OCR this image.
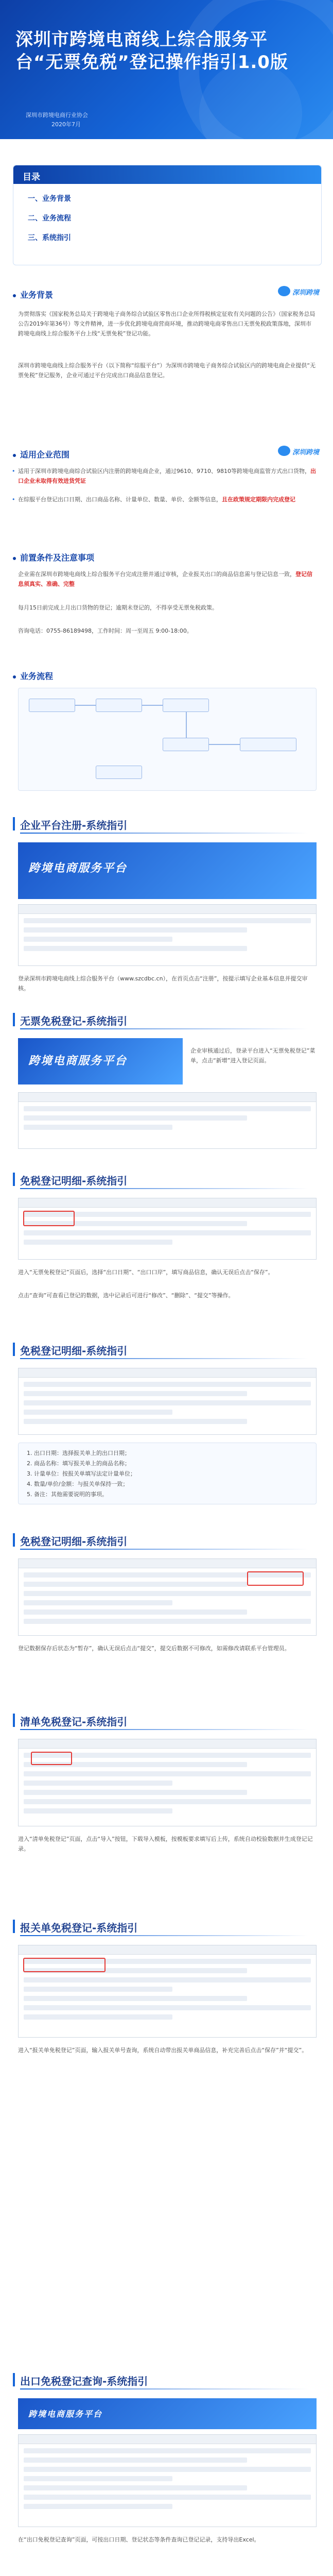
深圳市跨境电商线上综合服务平台“无票免税”登记操作指引1.0版
深圳市跨境电商行业协会
2020年7月
目录
一、业务背景
二、业务流程
三、系统指引
业务背景	深圳跨境
为贯彻落实《国家税务总局关于跨境电子商务综合试验区零售出口企业所得税核定征收有关问题的公告》（国家税务总局公告2019年第36号）等文件精神，进一步优化跨境电商营商环境，推动跨境电商零售出口无票免税政策落地，深圳市跨境电商线上综合服务平台上线“无票免税”登记功能。
深圳市跨境电商线上综合服务平台（以下简称“综服平台”）为深圳市跨境电子商务综合试验区内的跨境电商企业提供“无票免税”登记服务，企业可通过平台完成出口商品信息登记。
适用企业范围	深圳跨境
• 适用于深圳市跨境电商综合试验区内注册的跨境电商企业，通过9610、9710、9810等跨境电商监管方式出口货物，出口企业未取得有效进货凭证
• 在综服平台登记出口日期、出口商品名称、计量单位、数量、单价、金额等信息，且在政策规定期限内完成登记
前置条件及注意事项
企业需在深圳市跨境电商线上综合服务平台完成注册并通过审核，企业报关出口的商品信息需与登记信息一致，登记信息须真实、准确、完整
每月15日前完成上月出口货物的登记；逾期未登记的，不得享受无票免税政策。
咨询电话：0755-86189498，工作时间：周一至周五 9:00-18:00。
业务流程
企业平台注册-系统指引
跨境电商服务平台
登录深圳市跨境电商线上综合服务平台（www.szcdbc.cn），在首页点击“注册”，按提示填写企业基本信息并提交审核。
无票免税登记-系统指引
跨境电商服务平台
企业审核通过后，登录平台进入“无票免税登记”菜单，点击“新增”进入登记页面。
免税登记明细-系统指引
进入“无票免税登记”页面后，选择“出口日期”、“出口口岸”，填写商品信息，确认无误后点击“保存”。
点击“查询”可查看已登记的数据，选中记录后可进行“修改”、“删除”、“提交”等操作。
免税登记明细-系统指引
1. 出口日期：选择报关单上的出口日期；
2. 商品名称：填写报关单上的商品名称；
3. 计量单位：按报关单填写法定计量单位；
4. 数量/单价/金额：与报关单保持一致；
5. 备注：其他需要说明的事项。
免税登记明细-系统指引
登记数据保存后状态为“暂存”，确认无误后点击“提交”，提交后数据不可修改，如需修改请联系平台管理员。
清单免税登记-系统指引
进入“清单免税登记”页面，点击“导入”按钮，下载导入模板，按模板要求填写后上传，系统自动校验数据并生成登记记录。
报关单免税登记-系统指引
进入“报关单免税登记”页面，输入报关单号查询，系统自动带出报关单商品信息，补充完善后点击“保存”并“提交”。
出口免税登记查询-系统指引
跨境电商服务平台
在“出口免税登记查询”页面，可按出口日期、登记状态等条件查询已登记记录，支持导出Excel。
